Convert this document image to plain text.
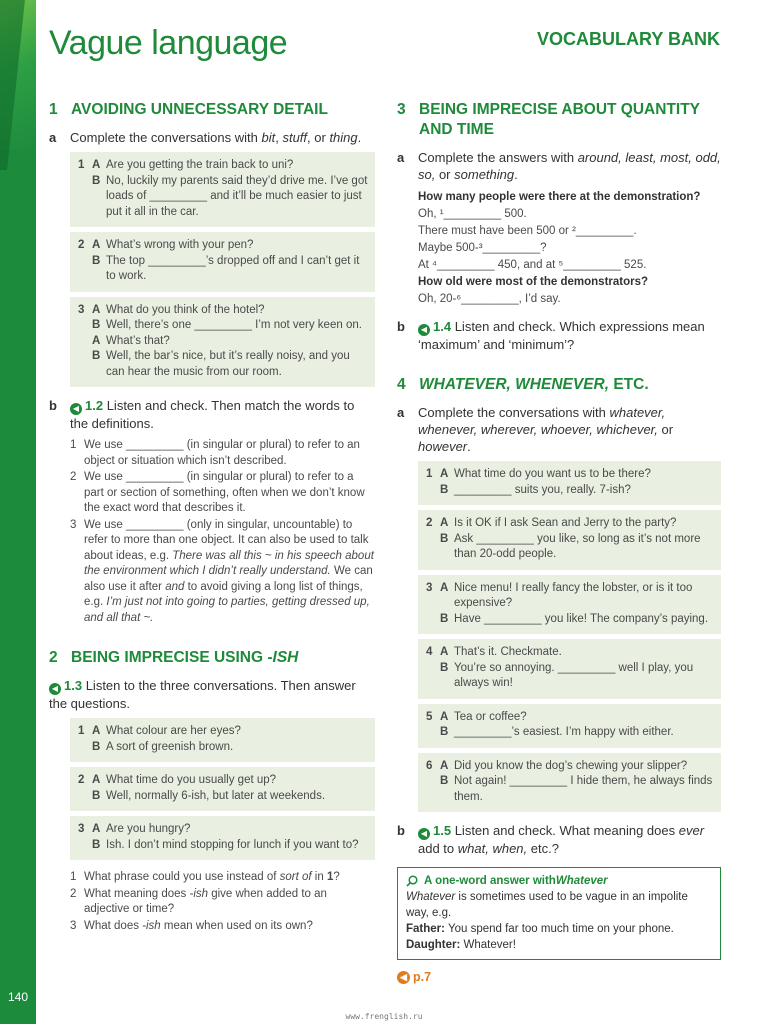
140
Vague language	VOCABULARY BANK
1 AVOIDING UNNECESSARY DETAIL
a	Complete the conversations with bit, stuff, or thing.
1 A Are you getting the train back to uni?
B No, luckily my parents said they’d drive me. I’ve got loads of _________ and it’ll be much easier to just put it all in the car.
2 A What’s wrong with your pen?
B The top _________’s dropped off and I can’t get it to work.
3 A What do you think of the hotel?
B Well, there’s one _________ I’m not very keen on.
A What’s that?
B Well, the bar’s nice, but it’s really noisy, and you can hear the music from our room.
b	◀ 1.2 Listen and check. Then match the words to the definitions.
1 We use _________ (in singular or plural) to refer to an object or situation which isn’t described.
2 We use _________ (in singular or plural) to refer to a part or section of something, often when we don’t know the exact word that describes it.
3 We use _________ (only in singular, uncountable) to refer to more than one object. It can also be used to talk about ideas, e.g. There was all this ~ in his speech about the environment which I didn’t really understand. We can also use it after and to avoid giving a long list of things, e.g. I’m just not into going to parties, getting dressed up, and all that ~.
2 BEING IMPRECISE USING -ISH
◀ 1.3 Listen to the three conversations. Then answer the questions.
1 A What colour are her eyes?
B A sort of greenish brown.
2 A What time do you usually get up?
B Well, normally 6-ish, but later at weekends.
3 A Are you hungry?
B Ish. I don’t mind stopping for lunch if you want to?
1 What phrase could you use instead of sort of in 1?
2 What meaning does -ish give when added to an adjective or time?
3 What does -ish mean when used on its own?
3 BEING IMPRECISE ABOUT QUANTITY AND TIME
a	Complete the answers with around, least, most, odd, so, or something.
How many people were there at the demonstration?
Oh, ¹_________ 500.
There must have been 500 or ²_________.
Maybe 500-³_________?
At ⁴_________ 450, and at ⁵_________ 525.
How old were most of the demonstrators?
Oh, 20-⁶_________, I’d say.
b	◀ 1.4 Listen and check. Which expressions mean ‘maximum’ and ‘minimum’?
4 WHATEVER, WHENEVER, ETC.
a	Complete the conversations with whatever, whenever, wherever, whoever, whichever, or however.
1 A What time do you want us to be there?
B _________ suits you, really. 7-ish?
2 A Is it OK if I ask Sean and Jerry to the party?
B Ask _________ you like, so long as it’s not more than 20-odd people.
3 A Nice menu! I really fancy the lobster, or is it too expensive?
B Have _________ you like! The company’s paying.
4 A That’s it. Checkmate.
B You’re so annoying. _________ well I play, you always win!
5 A Tea or coffee?
B _________’s easiest. I’m happy with either.
6 A Did you know the dog’s chewing your slipper?
B Not again! _________ I hide them, he always finds them.
b	◀ 1.5 Listen and check. What meaning does ever add to what, when, etc.?
A one-word answer with Whatever
Whatever is sometimes used to be vague in an impolite way, e.g.
Father: You spend far too much time on your phone.
Daughter: Whatever!
◀ p.7
www.frenglish.ru
